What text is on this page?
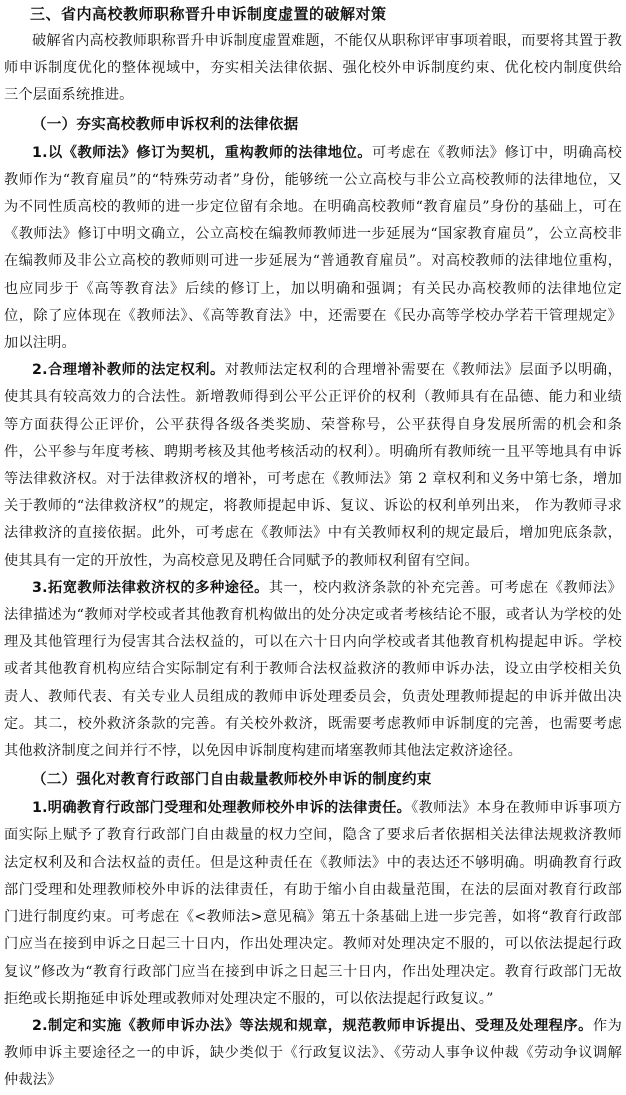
三、省内高校教师职称晋升申诉制度虚置的破解对策

破解省内高校教师职称晋升申诉制度虚置难题，不能仅从职称评审事项着眼，而要将其置于教师申诉制度优化的整体视域中，夯实相关法律依据、强化校外申诉制度约束、优化校内制度供给三个层面系统推进。

（一）夯实高校教师申诉权利的法律依据

1.以《教师法》修订为契机，重构教师的法律地位。可考虑在《教师法》修订中，明确高校教师作为“教育雇员”的“特殊劳动者”身份，能够统一公立高校与非公立高校教师的法律地位，又为不同性质高校的教师的进一步定位留有余地。在明确高校教师“教育雇员”身份的基础上，可在《教师法》修订中明文确立，公立高校在编教师教师进一步延展为“国家教育雇员”，公立高校非在编教师及非公立高校的教师则可进一步延展为“普通教育雇员”。对高校教师的法律地位重构，也应同步于《高等教育法》后续的修订上，加以明确和强调；有关民办高校教师的法律地位定位，除了应体现在《教师法》、《高等教育法》中，还需要在《民办高等学校办学若干管理规定》加以注明。

2.合理增补教师的法定权利。对教师法定权利的合理增补需要在《教师法》层面予以明确，使其具有较高效力的合法性。新增教师得到公平公正评价的权利（教师具有在品德、能力和业绩等方面获得公正评价，公平获得各级各类奖励、荣誉称号，公平获得自身发展所需的机会和条件，公平参与年度考核、聘期考核及其他考核活动的权利）。明确所有教师统一且平等地具有申诉等法律救济权。对于法律救济权的增补，可考虑在《教师法》第 2 章权利和义务中第七条，增加关于教师的“法律救济权”的规定，将教师提起申诉、复议、诉讼的权利单列出来， 作为教师寻求法律救济的直接依据。此外，可考虑在《教师法》中有关教师权利的规定最后，增加兜底条款，使其具有一定的开放性，为高校意见及聘任合同赋予的教师权利留有空间。

3.拓宽教师法律救济权的多种途径。其一，校内救济条款的补充完善。可考虑在《教师法》法律描述为“教师对学校或者其他教育机构做出的处分决定或者考核结论不服，或者认为学校的处理及其他管理行为侵害其合法权益的，可以在六十日内向学校或者其他教育机构提起申诉。学校或者其他教育机构应结合实际制定有利于教师合法权益救济的教师申诉办法，设立由学校相关负责人、教师代表、有关专业人员组成的教师申诉处理委员会，负责处理教师提起的申诉并做出决定。其二，校外救济条款的完善。有关校外救济，既需要考虑教师申诉制度的完善，也需要考虑其他救济制度之间并行不悖，以免因申诉制度构建而堵塞教师其他法定救济途径。

（二）强化对教育行政部门自由裁量教师校外申诉的制度约束

1.明确教育行政部门受理和处理教师校外申诉的法律责任。《教师法》本身在教师申诉事项方面实际上赋予了教育行政部门自由裁量的权力空间，隐含了要求后者依据相关法律法规救济教师法定权利及和合法权益的责任。但是这种责任在《教师法》中的表达还不够明确。明确教育行政部门受理和处理教师校外申诉的法律责任，有助于缩小自由裁量范围，在法的层面对教育行政部门进行制度约束。可考虑在《<教师法>意见稿》第五十条基础上进一步完善，如将“教育行政部门应当在接到申诉之日起三十日内，作出处理决定。教师对处理决定不服的，可以依法提起行政复议”修改为“教育行政部门应当在接到申诉之日起三十日内，作出处理决定。教育行政部门无故拒绝或长期拖延申诉处理或教师对处理决定不服的，可以依法提起行政复议。”

2.制定和实施《教师申诉办法》等法规和规章，规范教师申诉提出、受理及处理程序。作为教师申诉主要途径之一的申诉，缺少类似于《行政复议法》、《劳动人事争议仲裁《劳动争议调解仲裁法》
